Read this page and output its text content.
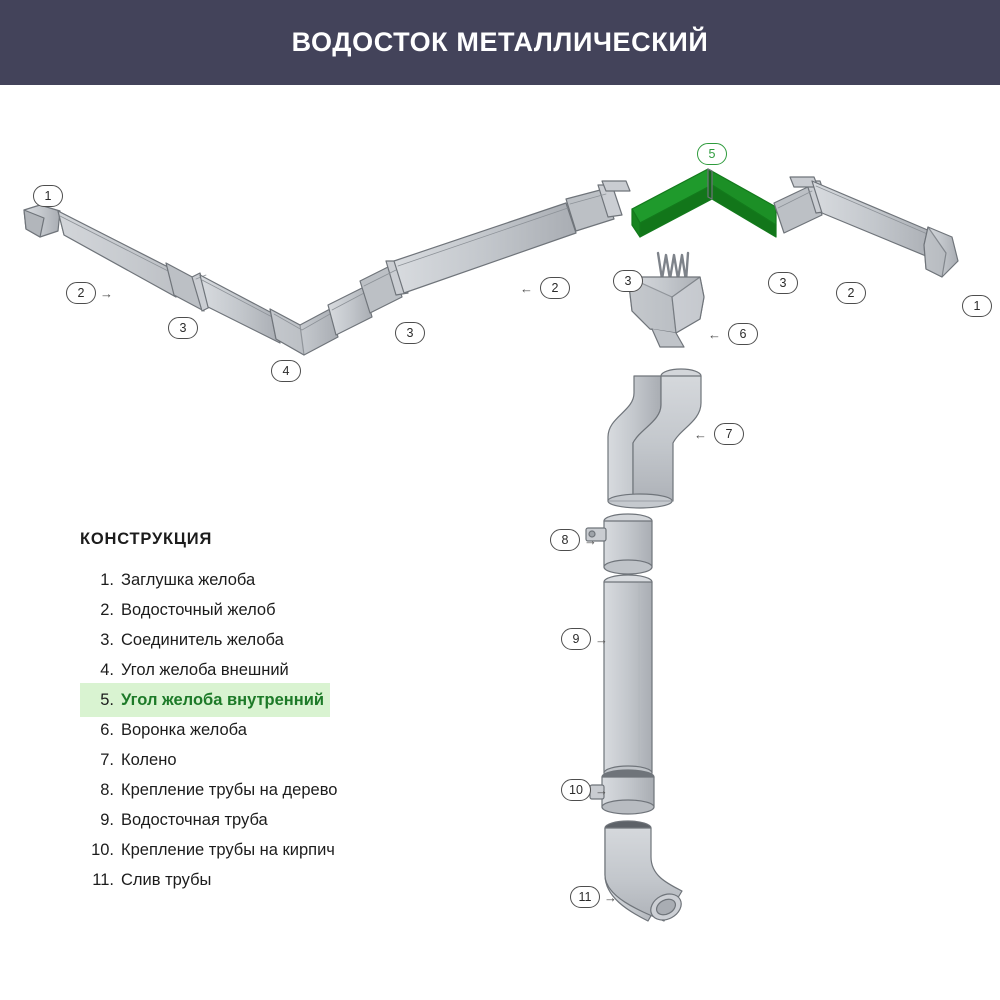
ВОДОСТОК МЕТАЛЛИЧЕСКИЙ
1
2	→
3
4
3
2
←	3
5
3
2
1
6
←
7
←
8	→
9	→
10 →
11 →
КОНСТРУКЦИЯ
1. Заглушка желоба
2. Водосточный желоб
3. Соединитель желоба
4. Угол желоба внешний
5. Угол желоба внутренний
6. Воронка желоба
7. Колено
8. Крепление трубы на дерево
9. Водосточная труба
10. Крепление трубы на кирпич
11. Слив трубы
